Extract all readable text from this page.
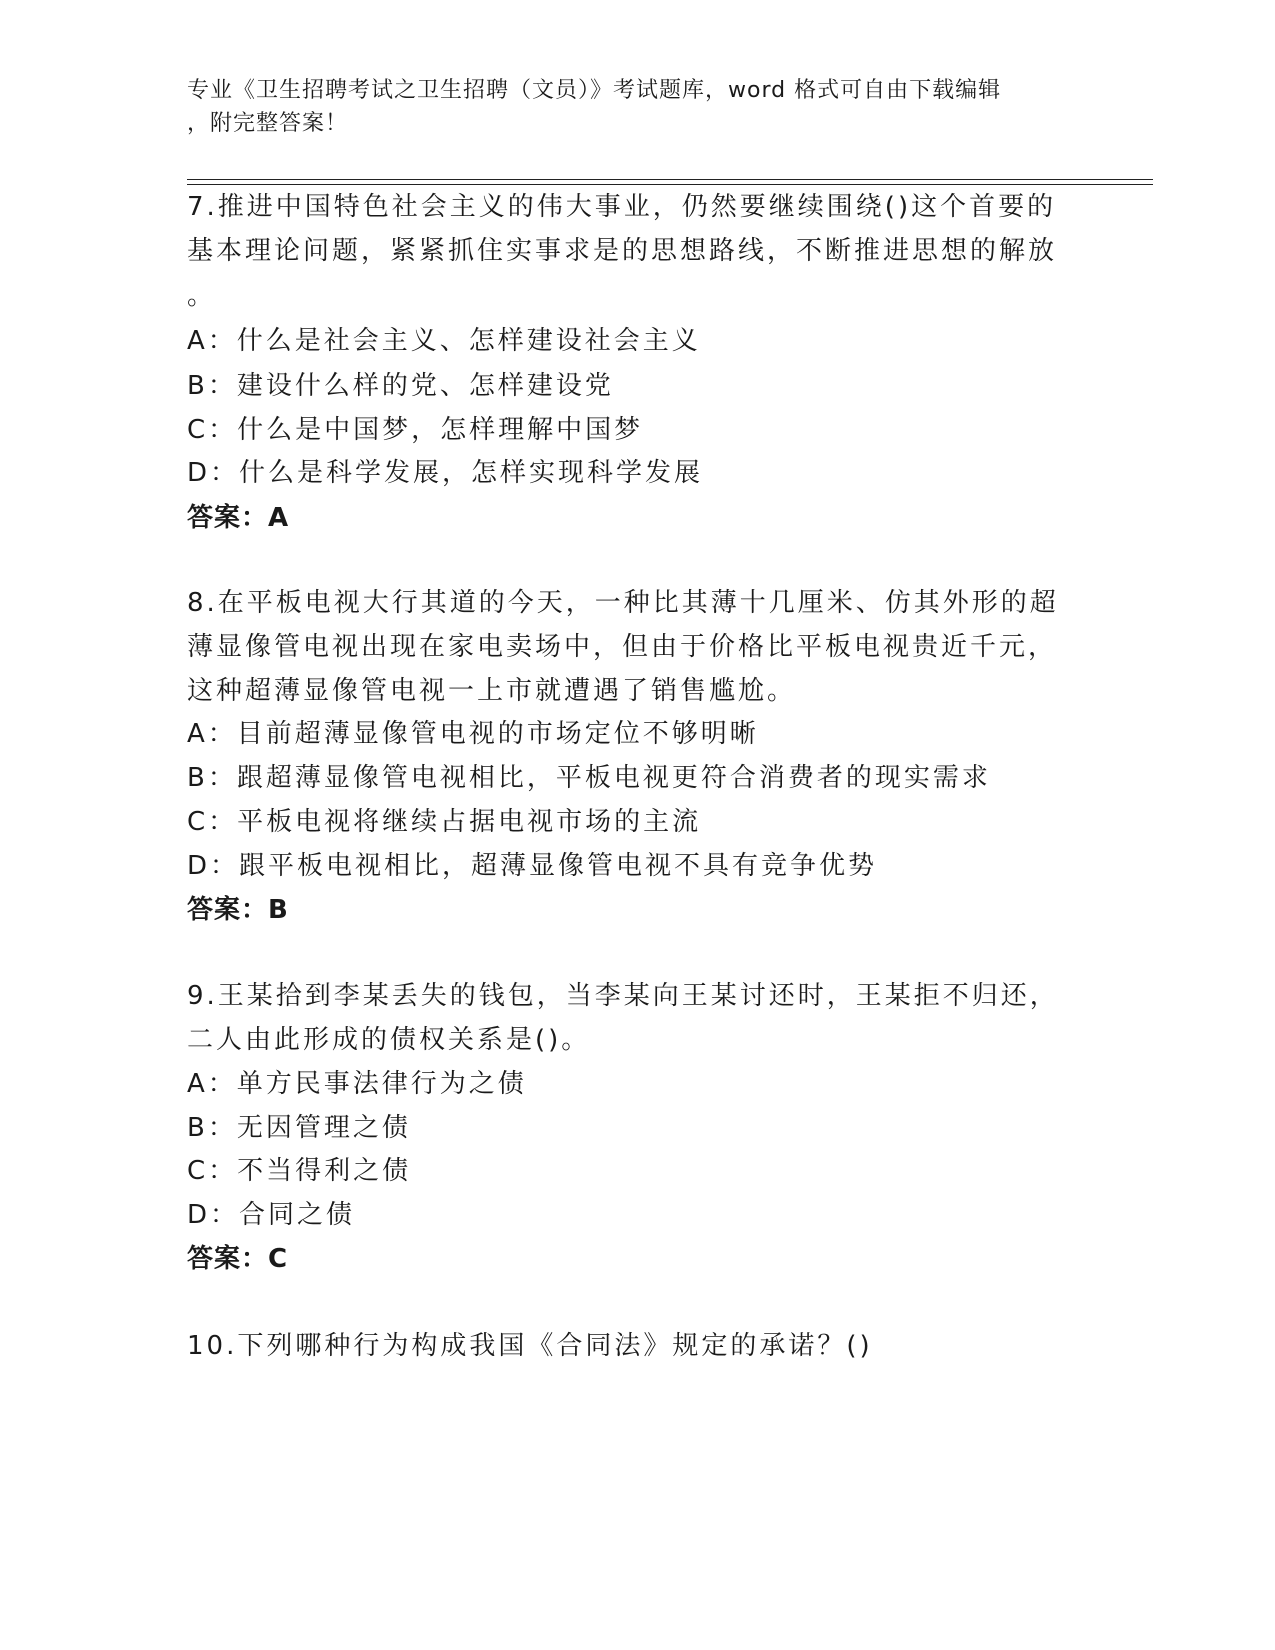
专业《卫生招聘考试之卫生招聘（文员）》考试题库，word 格式可自由下载编辑
，附完整答案！

7.推进中国特色社会主义的伟大事业，仍然要继续围绕()这个首要的

基本理论问题，紧紧抓住实事求是的思想路线，不断推进思想的解放

。

A：什么是社会主义、怎样建设社会主义

B：建设什么样的党、怎样建设党

C：什么是中国梦，怎样理解中国梦

D：什么是科学发展，怎样实现科学发展

答案：A

8.在平板电视大行其道的今天，一种比其薄十几厘米、仿其外形的超

薄显像管电视出现在家电卖场中，但由于价格比平板电视贵近千元，

这种超薄显像管电视一上市就遭遇了销售尴尬。

A：目前超薄显像管电视的市场定位不够明晰

B：跟超薄显像管电视相比，平板电视更符合消费者的现实需求

C：平板电视将继续占据电视市场的主流

D：跟平板电视相比，超薄显像管电视不具有竞争优势

答案：B

9.王某拾到李某丢失的钱包，当李某向王某讨还时，王某拒不归还，

二人由此形成的债权关系是()。

A：单方民事法律行为之债

B：无因管理之债

C：不当得利之债

D：合同之债

答案：C

10.下列哪种行为构成我国《合同法》规定的承诺？()
